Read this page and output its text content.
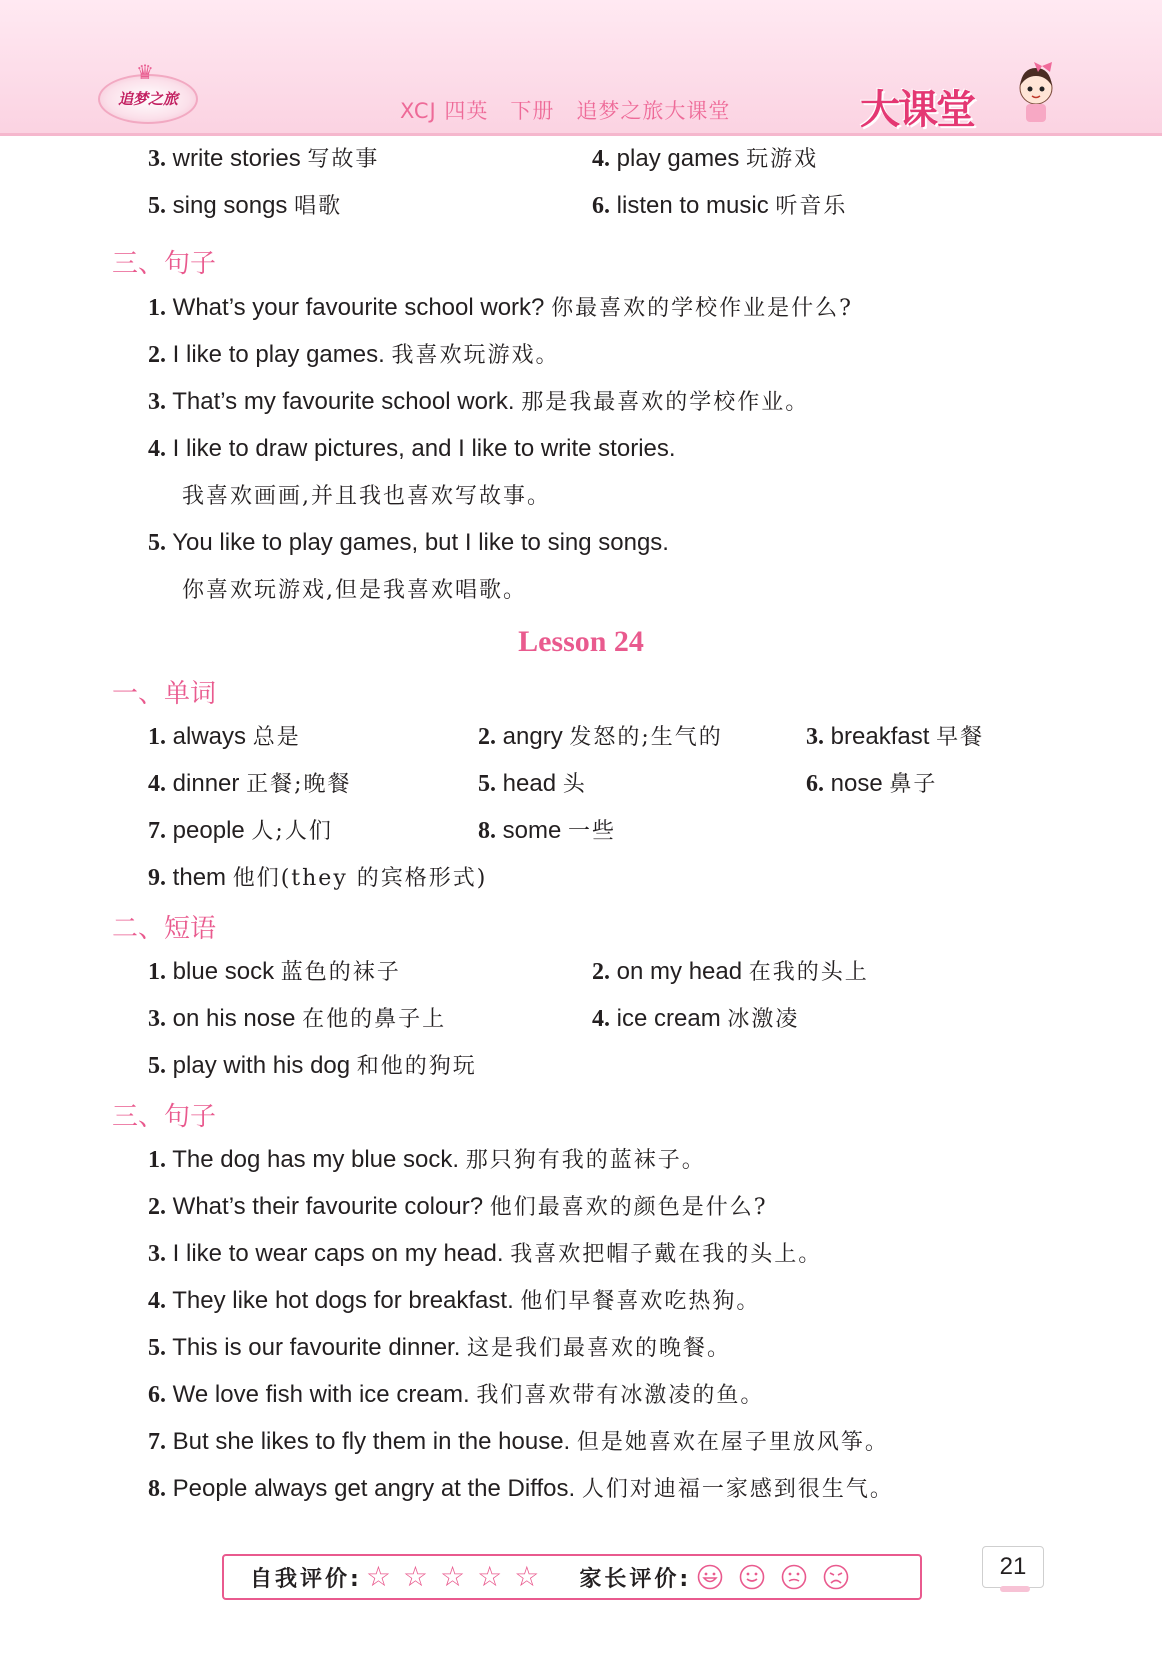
♛
追梦之旅	XCJ 四英 下册 追梦之旅大课堂	大课堂
3. write stories 写故事	4. play games 玩游戏
5. sing songs 唱歌	6. listen to music 听音乐
三、句子
1. What’s your favourite school work? 你最喜欢的学校作业是什么?
2. I like to play games. 我喜欢玩游戏。
3. That’s my favourite school work. 那是我最喜欢的学校作业。
4. I like to draw pictures, and I like to write stories.
我喜欢画画,并且我也喜欢写故事。
5. You like to play games, but I like to sing songs.
你喜欢玩游戏,但是我喜欢唱歌。
Lesson 24
一、单词
1. always 总是	2. angry 发怒的;生气的	3. breakfast 早餐
4. dinner 正餐;晚餐	5. head 头	6. nose 鼻子
7. people 人;人们	8. some 一些
9. them 他们(they 的宾格形式)
二、短语
1. blue sock 蓝色的袜子	2. on my head 在我的头上
3. on his nose 在他的鼻子上	4. ice cream 冰激凌
5. play with his dog 和他的狗玩
三、句子
1. The dog has my blue sock. 那只狗有我的蓝袜子。
2. What’s their favourite colour? 他们最喜欢的颜色是什么?
3. I like to wear caps on my head. 我喜欢把帽子戴在我的头上。
4. They like hot dogs for breakfast. 他们早餐喜欢吃热狗。
5. This is our favourite dinner. 这是我们最喜欢的晚餐。
6. We love fish with ice cream. 我们喜欢带有冰激凌的鱼。
7. But she likes to fly them in the house. 但是她喜欢在屋子里放风筝。
8. People always get angry at the Diffos. 人们对迪福一家感到很生气。
自我评价: ☆ ☆ ☆ ☆ ☆ 家长评价:	21
